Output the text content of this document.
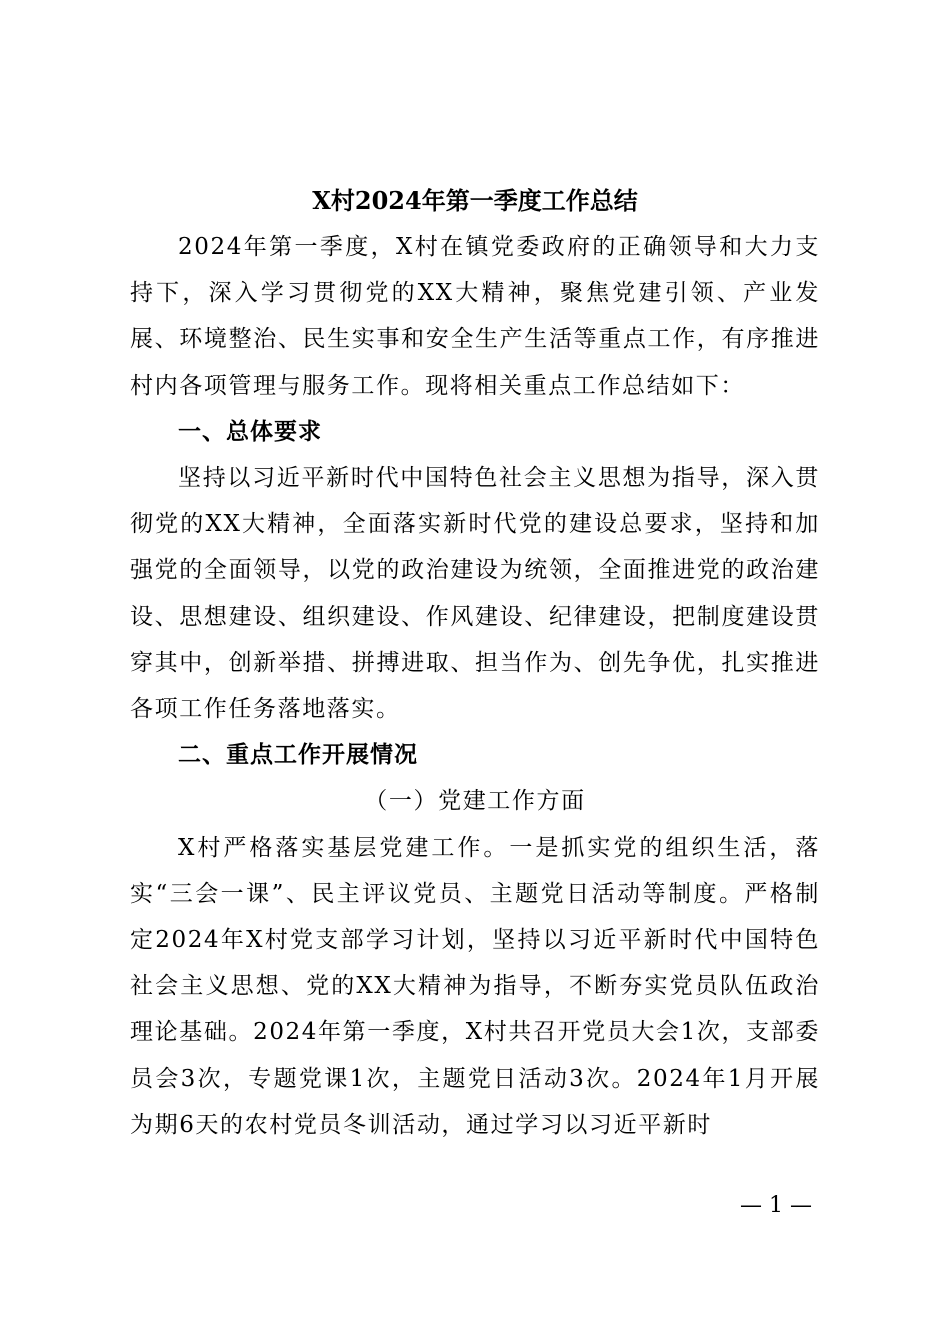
X村2024年第一季度工作总结

2024年第一季度，X村在镇党委政府的正确领导和大力支持下，深入学习贯彻党的XX大精神，聚焦党建引领、产业发展、环境整治、民生实事和安全生产生活等重点工作，有序推进村内各项管理与服务工作。现将相关重点工作总结如下：

一、总体要求

坚持以习近平新时代中国特色社会主义思想为指导，深入贯彻党的XX大精神，全面落实新时代党的建设总要求，坚持和加强党的全面领导，以党的政治建设为统领，全面推进党的政治建设、思想建设、组织建设、作风建设、纪律建设，把制度建设贯穿其中，创新举措、拼搏进取、担当作为、创先争优，扎实推进各项工作任务落地落实。

二、重点工作开展情况

（一）党建工作方面

X村严格落实基层党建工作。一是抓实党的组织生活，落实“三会一课”、民主评议党员、主题党日活动等制度。严格制定2024年X村党支部学习计划，坚持以习近平新时代中国特色社会主义思想、党的XX大精神为指导，不断夯实党员队伍政治理论基础。2024年第一季度，X村共召开党员大会1次，支部委员会3次，专题党课1次，主题党日活动3次。2024年1月开展为期6天的农村党员冬训活动，通过学习以习近平新时

— 1 —
